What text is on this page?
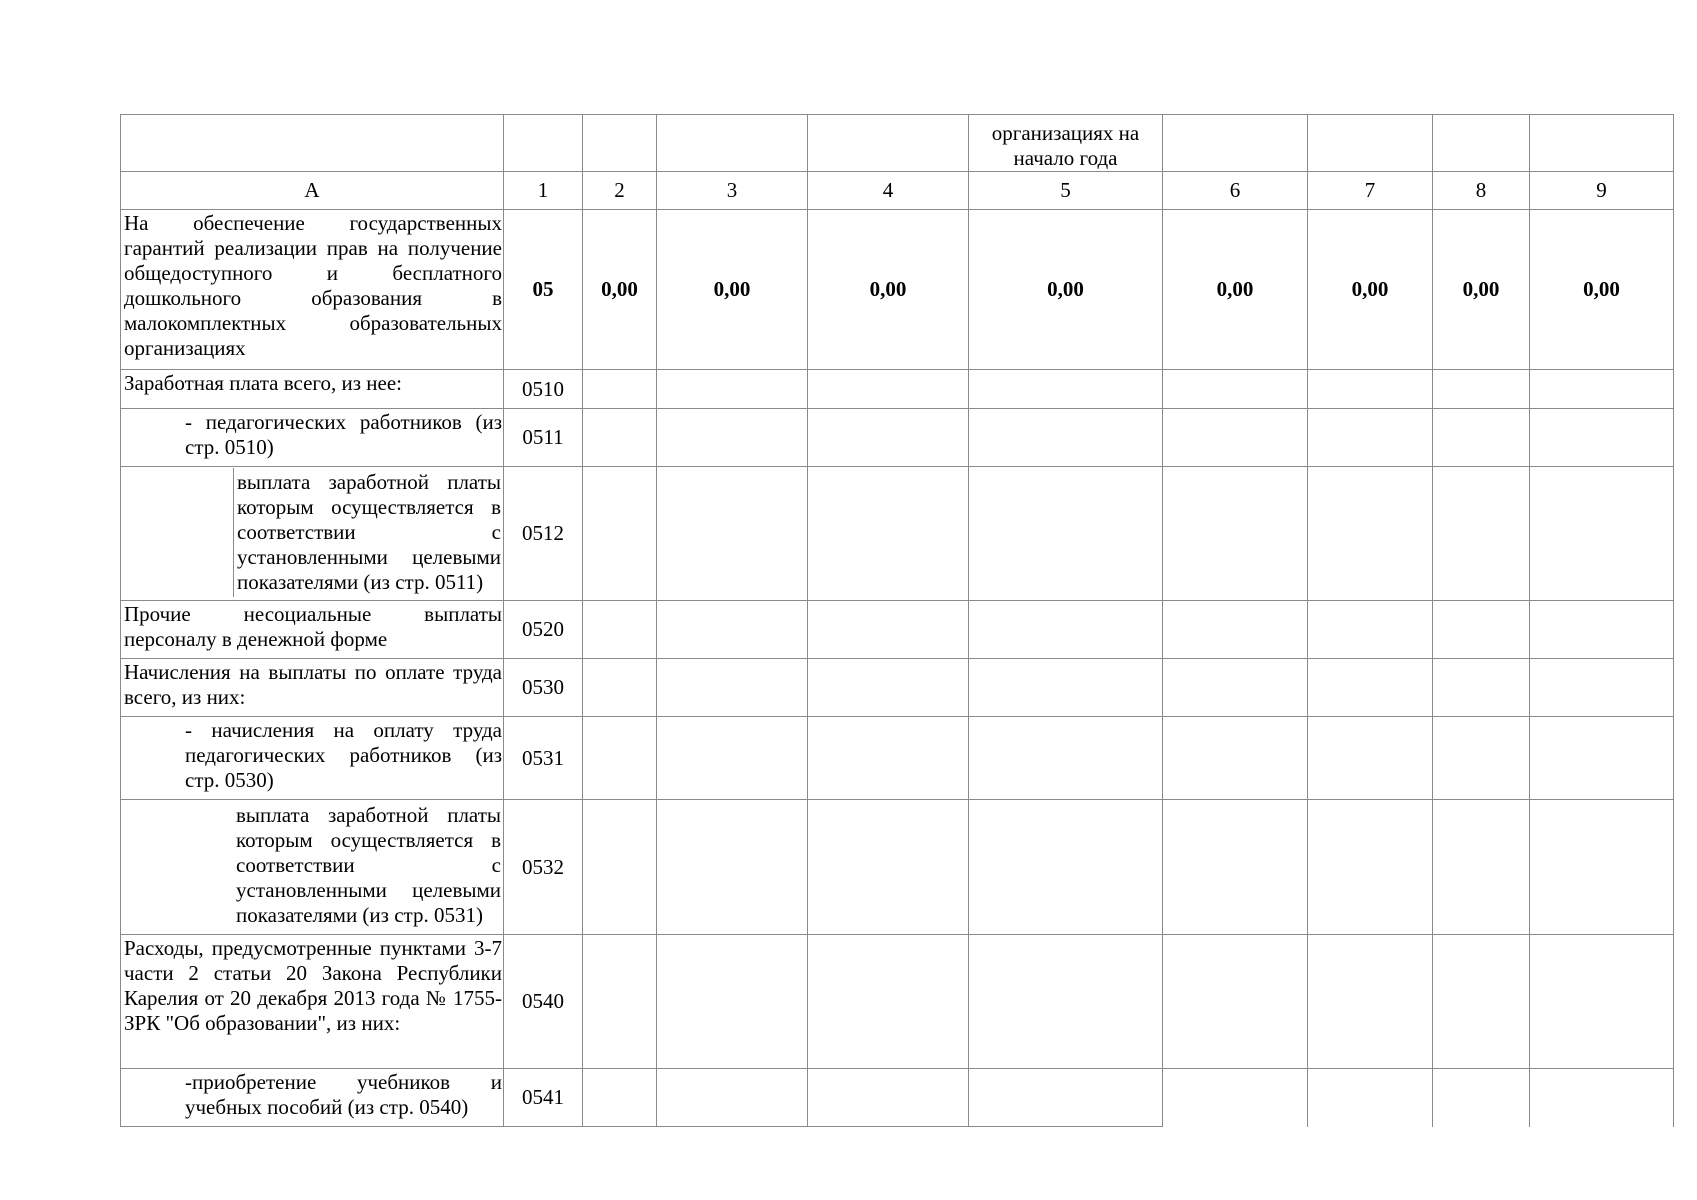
					организациях на начало года				

А	1	2	3	4	5	6	7	8	9
На обеспечение государственных гарантий реализации прав на получение общедоступного и бесплатного дошкольного образования в малокомплектных образовательных организациях	05	0,00	0,00	0,00	0,00	0,00	0,00	0,00	0,00
Заработная плата всего, из нее:	0510								
- педагогических работников (из стр. 0510)	0511								

выплата заработной платы которым осуществляется в соответствии с установленными целевыми показателями (из стр. 0511)	0512								
Прочие несоциальные выплаты персоналу в денежной форме	0520								
Начисления на выплаты по оплате труда всего, из них:	0530								
- начисления на оплату труда педагогических работников (из стр. 0530)	0531								

выплата заработной платы которым осуществляется в соответствии с установленными целевыми показателями (из стр. 0531)	0532								
Расходы, предусмотренные пунктами 3-7 части 2 статьи 20 Закона Республики Карелия от 20 декабря 2013 года № 1755-ЗРК "Об образовании", из них:	0540								
-приобретение учебников и учебных пособий (из стр. 0540)	0541								
